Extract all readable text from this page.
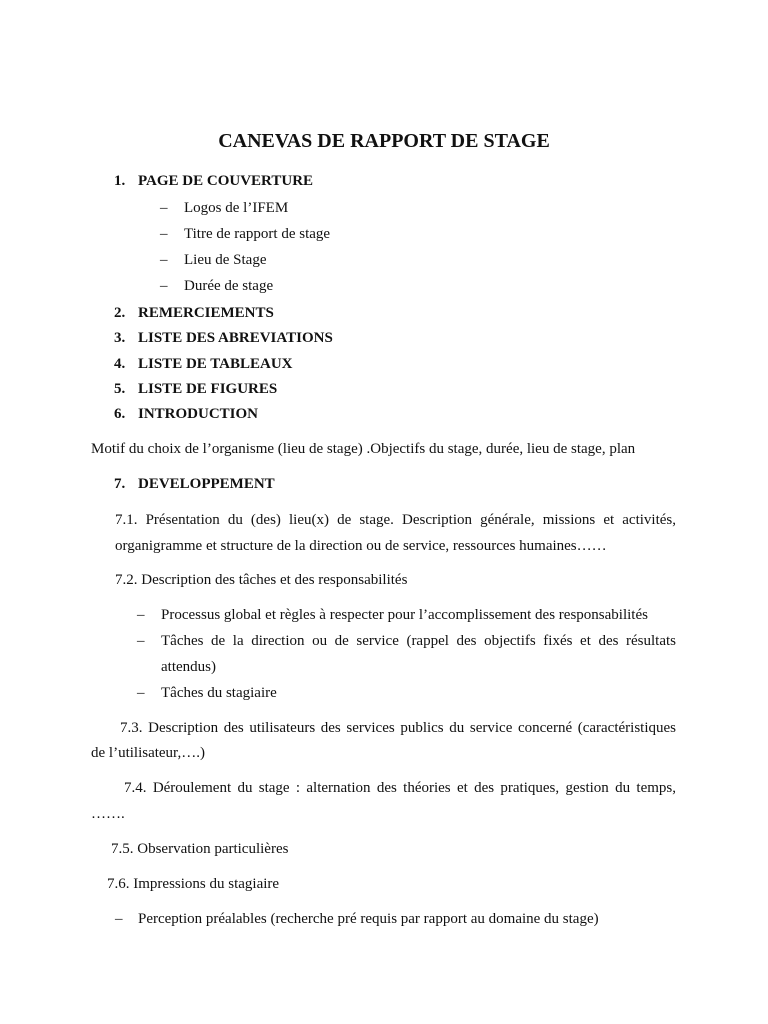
CANEVAS DE RAPPORT DE STAGE
1. PAGE DE COUVERTURE
– Logos de l’IFEM
– Titre de rapport de stage
– Lieu de Stage
– Durée de stage
2. REMERCIEMENTS
3. LISTE DES ABREVIATIONS
4. LISTE DE TABLEAUX
5. LISTE DE FIGURES
6. INTRODUCTION
Motif du choix de l’organisme (lieu de stage) .Objectifs du stage, durée, lieu de stage, plan
7. DEVELOPPEMENT
7.1. Présentation du (des) lieu(x) de stage. Description générale, missions et activités,
organigramme et structure de la direction ou de service, ressources humaines……
7.2. Description des tâches et des responsabilités
– Processus global et règles à respecter pour l’accomplissement des responsabilités
– Tâches de la direction ou de service (rappel des objectifs fixés et des résultats
attendus)
– Tâches du stagiaire
7.3. Description des utilisateurs des services publics du service concerné (caractéristiques
de l’utilisateur,….)
7.4. Déroulement du stage : alternation des théories et des pratiques, gestion du temps,
…….
7.5. Observation particulières
7.6. Impressions du stagiaire
– Perception préalables (recherche pré requis par rapport au domaine du stage)
